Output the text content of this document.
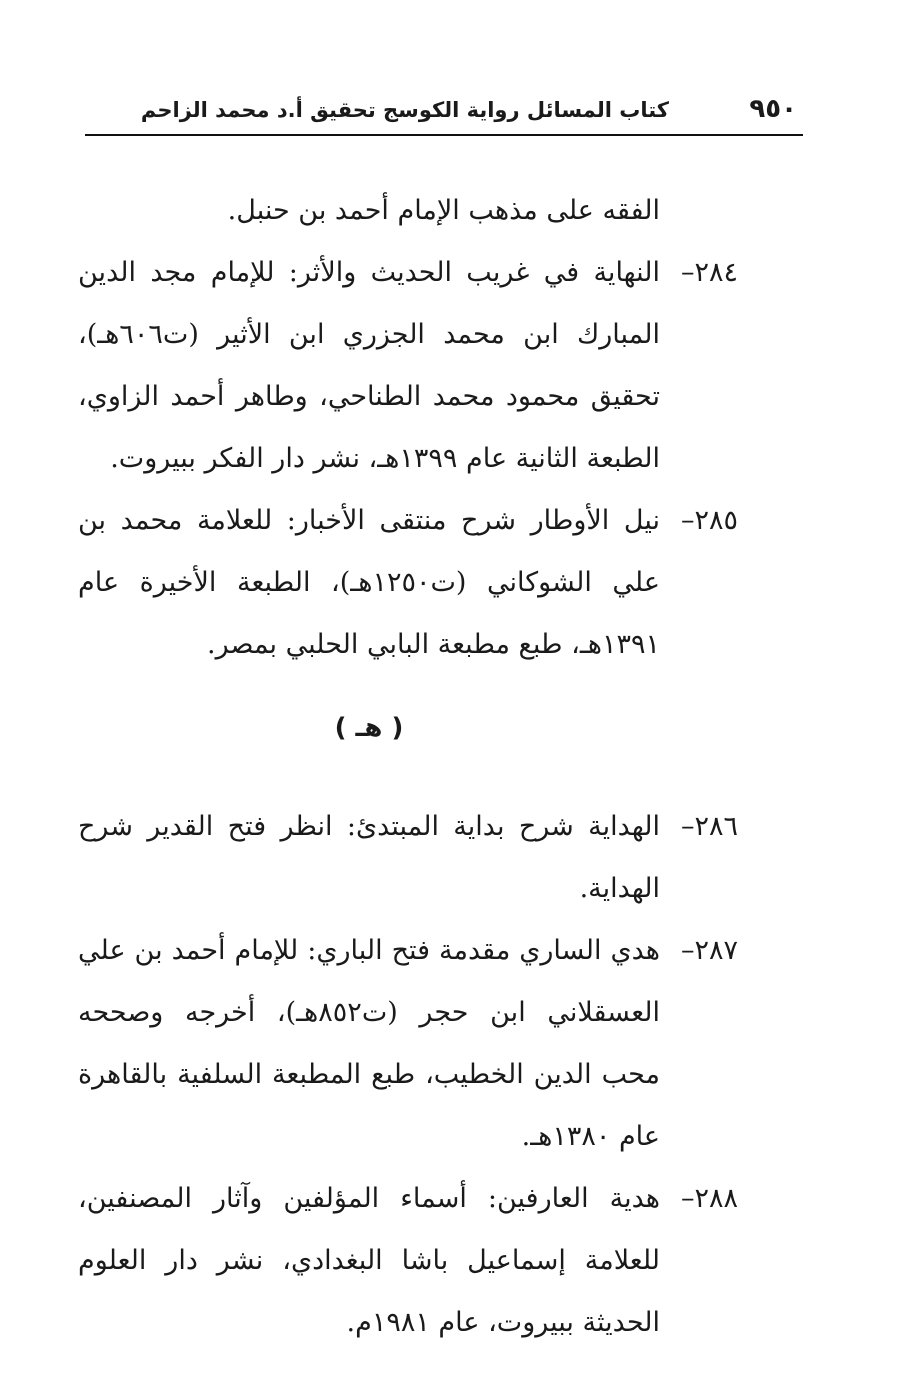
٩٥٠
كتاب المسائل رواية الكوسج تحقيق أ.د محمد الزاحم

الفقه على مذهب الإمام أحمد بن حنبل.

٢٨٤–

النهاية في غريب الحديث والأثر: للإمام مجد الدين المبارك ابن محمد الجزري ابن الأثير (ت٦٠٦هـ)، تحقيق محمود محمد الطناحي، وطاهر أحمد الزاوي، الطبعة الثانية عام ١٣٩٩هـ، نشر دار الفكر ببيروت.

٢٨٥–

نيل الأوطار شرح منتقى الأخبار: للعلامة محمد بن علي الشوكاني (ت١٢٥٠هـ)، الطبعة الأخيرة عام ١٣٩١هـ، طبع مطبعة البابي الحلبي بمصر.

( هـ )
٢٨٦–

الهداية شرح بداية المبتدئ: انظر فتح القدير شرح الهداية.

٢٨٧–

هدي الساري مقدمة فتح الباري: للإمام أحمد بن علي العسقلاني ابن حجر (ت٨٥٢هـ)، أخرجه وصححه محب الدين الخطيب، طبع المطبعة السلفية بالقاهرة عام ١٣٨٠هـ.

٢٨٨–

هدية العارفين: أسماء المؤلفين وآثار المصنفين، للعلامة إسماعيل باشا البغدادي، نشر دار العلوم الحديثة ببيروت، عام ١٩٨١م.
